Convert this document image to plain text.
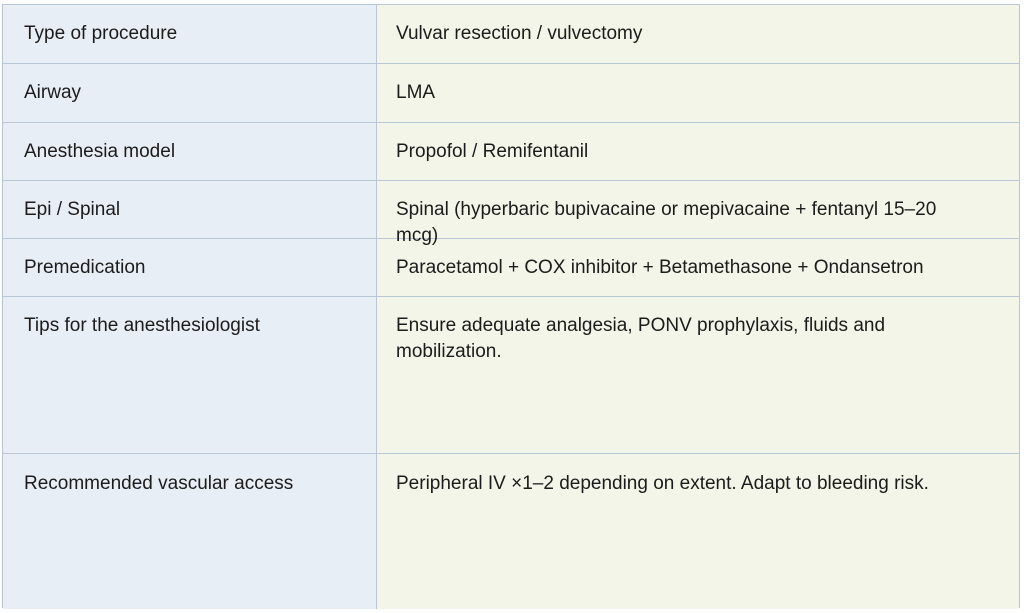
Type of procedure	Vulvar resection / vulvectomy
Airway	LMA
Anesthesia model	Propofol / Remifentanil
Epi / Spinal	Spinal (hyperbaric bupivacaine or mepivacaine + fentanyl 15–20 mcg)
Premedication	Paracetamol + COX inhibitor + Betamethasone + Ondansetron
Tips for the anesthesiologist	Ensure adequate analgesia, PONV prophylaxis, fluids and mobilization.
Recommended vascular access	Peripheral IV ×1–2 depending on extent. Adapt to bleeding risk.
